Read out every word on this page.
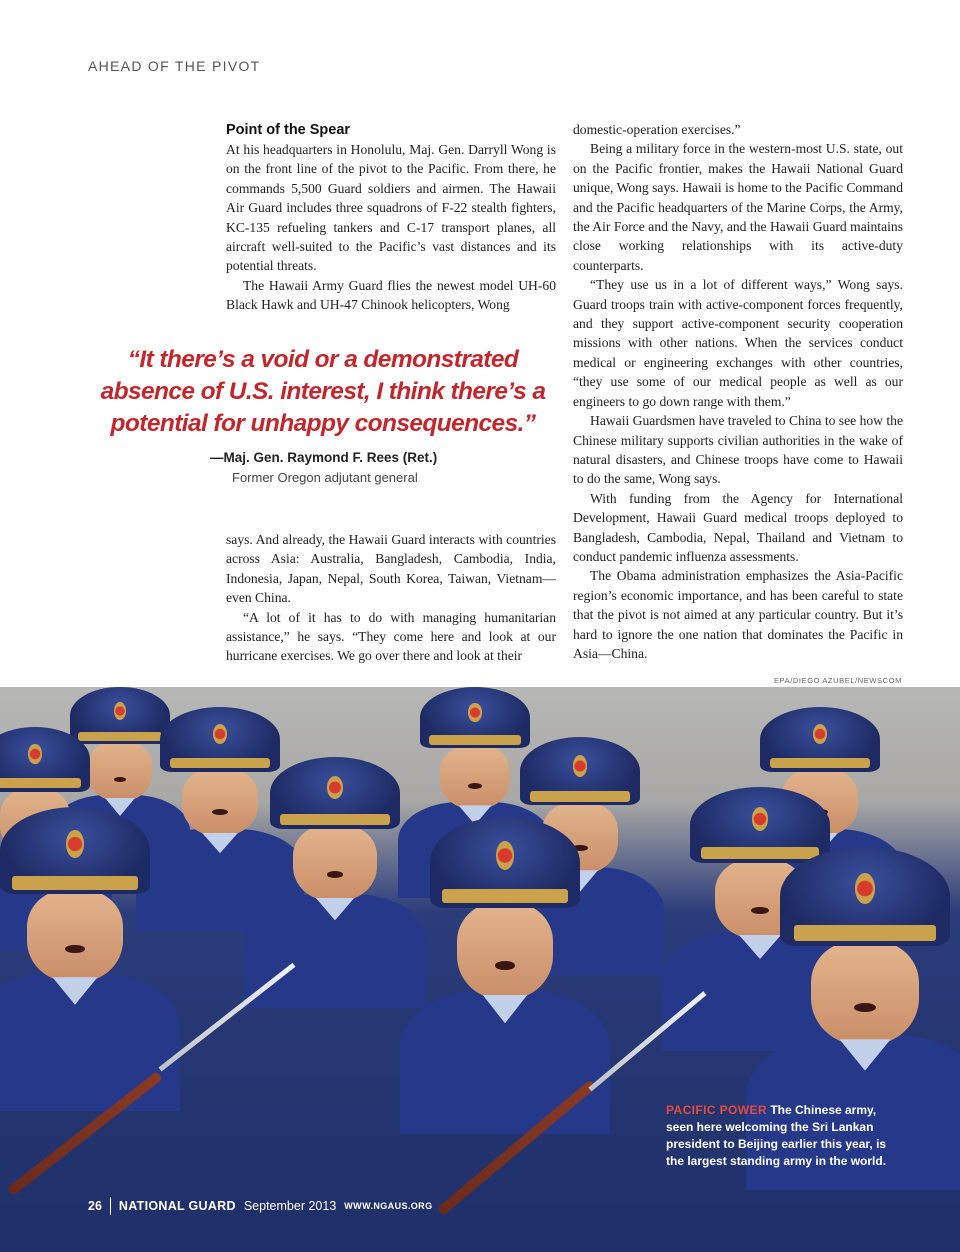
AHEAD OF THE PIVOT
Point of the Spear

At his headquarters in Honolulu, Maj. Gen. Darryll Wong is on the front line of the pivot to the Pacific. From there, he commands 5,500 Guard soldiers and airmen. The Hawaii Air Guard includes three squadrons of F-22 stealth fighters, KC-135 refueling tankers and C-17 transport planes, all aircraft well-suited to the Pacific’s vast distances and its potential threats.

The Hawaii Army Guard flies the newest model UH-60 Black Hawk and UH-47 Chinook helicopters, Wong

“It there’s a void or a demonstrated absence of U.S. interest, I think there’s a potential for unhappy consequences.”
—Maj. Gen. Raymond F. Rees (Ret.)
Former Oregon adjutant general

says. And already, the Hawaii Guard interacts with countries across Asia: Australia, Bangladesh, Cambodia, India, Indonesia, Japan, Nepal, South Korea, Taiwan, Vietnam—even China.

“A lot of it has to do with managing humanitarian assistance,” he says. “They come here and look at our hurricane exercises. We go over there and look at their

domestic-operation exercises.”

Being a military force in the western-most U.S. state, out on the Pacific frontier, makes the Hawaii National Guard unique, Wong says. Hawaii is home to the Pacific Command and the Pacific headquarters of the Marine Corps, the Army, the Air Force and the Navy, and the Hawaii Guard maintains close working relationships with its active-duty counterparts.

“They use us in a lot of different ways,” Wong says. Guard troops train with active-component forces frequently, and they support active-component security cooperation missions with other nations. When the services conduct medical or engineering exchanges with other countries, “they use some of our medical people as well as our engineers to go down range with them.”

Hawaii Guardsmen have traveled to China to see how the Chinese military supports civilian authorities in the wake of natural disasters, and Chinese troops have come to Hawaii to do the same, Wong says.

With funding from the Agency for International Development, Hawaii Guard medical troops deployed to Bangladesh, Cambodia, Nepal, Thailand and Vietnam to conduct pandemic influenza assessments.

The Obama administration emphasizes the Asia-Pacific region’s economic importance, and has been careful to state that the pivot is not aimed at any particular country. But it’s hard to ignore the one nation that dominates the Pacific in Asia—China.

EPA/DIEGO AZUBEL/NEWSCOM
PACIFIC POWER The Chinese army, seen here welcoming the Sri Lankan president to Beijing earlier this year, is the largest standing army in the world.
26 NATIONAL GUARD September 2013 WWW.NGAUS.ORG
